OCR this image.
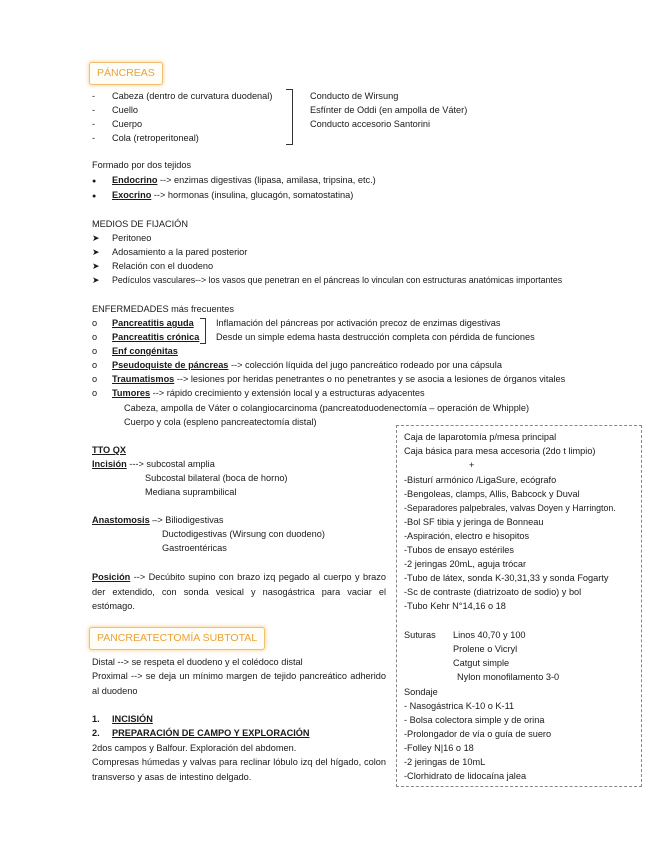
PÁNCREAS
- Cabeza (dentro de curvatura duodenal)
- Cuello
- Cuerpo
- Cola (retroperitoneal)
Conducto de Wirsung
Esfínter de Oddi (en ampolla de Váter)
Conducto accesorio Santorini
Formado por dos tejidos
● Endocrino --> enzimas digestivas (lipasa, amilasa, tripsina, etc.)
● Exocrino --> hormonas (insulina, glucagón, somatostatina)
MEDIOS DE FIJACIÓN
➤ Peritoneo
➤ Adosamiento a la pared posterior
➤ Relación con el duodeno
➤ Pedículos vasculares--> los vasos que penetran en el páncreas lo vinculan con estructuras anatómicas importantes
ENFERMEDADES más frecuentes
o Pancreatitis aguda
o Pancreatitis crónica
Inflamación del páncreas por activación precoz de enzimas digestivas
Desde un simple edema hasta destrucción completa con pérdida de funciones
o Enf congénitas
o Pseudoquiste de páncreas --> colección líquida del jugo pancreático rodeado por una cápsula
o Traumatismos --> lesiones por heridas penetrantes o no penetrantes y se asocia a lesiones de órganos vitales
o Tumores --> rápido crecimiento y extensión local y a estructuras adyacentes
Cabeza, ampolla de Váter o colangiocarcinoma (pancreatoduodenectomía – operación de Whipple)
Cuerpo y cola (espleno pancreatectomía distal)
TTO QX
Incisión ---> subcostal amplia
Subcostal bilateral (boca de horno)
Mediana suprambilical
Anastomosis –> Biliodigestivas
Ductodigestivas (Wirsung con duodeno)
Gastroentéricas
Posición --> Decúbito supino con brazo izq pegado al cuerpo y brazo der extendido, con sonda vesical y nasogástrica para vaciar el estómago.
PANCREATECTOMÍA SUBTOTAL
Distal --> se respeta el duodeno y el colédoco distal
Proximal --> se deja un mínimo margen de tejido pancreático adherido al duodeno
1. INCISIÓN
2. PREPARACIÓN DE CAMPO Y EXPLORACIÓN
2dos campos y Balfour. Exploración del abdomen.
Compresas húmedas y valvas para reclinar lóbulo izq del hígado, colon transverso y asas de intestino delgado.
Caja de laparotomía p/mesa principal
Caja básica para mesa accesoria (2do t limpio)
+
-Bisturí armónico /LigaSure, ecógrafo
-Bengoleas, clamps, Allis, Babcock y Duval
-Separadores palpebrales, valvas Doyen y Harrington.
-Bol SF tibia y jeringa de Bonneau
-Aspiración, electro e hisopitos
-Tubos de ensayo estériles
-2 jeringas 20mL, aguja trócar
-Tubo de látex, sonda K-30,31,33 y sonda Fogarty
-Sc de contraste (diatrizoato de sodio) y bol
-Tubo Kehr N°14,16 o 18
Suturas Linos 40,70 y 100
Prolene o Vicryl
Catgut simple
Nylon monofilamento 3-0
Sondaje
- Nasogástrica K-10 o K-11
- Bolsa colectora simple y de orina
-Prolongador de vía o guía de suero
-Folley N|16 o 18
-2 jeringas de 10mL
-Clorhidrato de lidocaína jalea
